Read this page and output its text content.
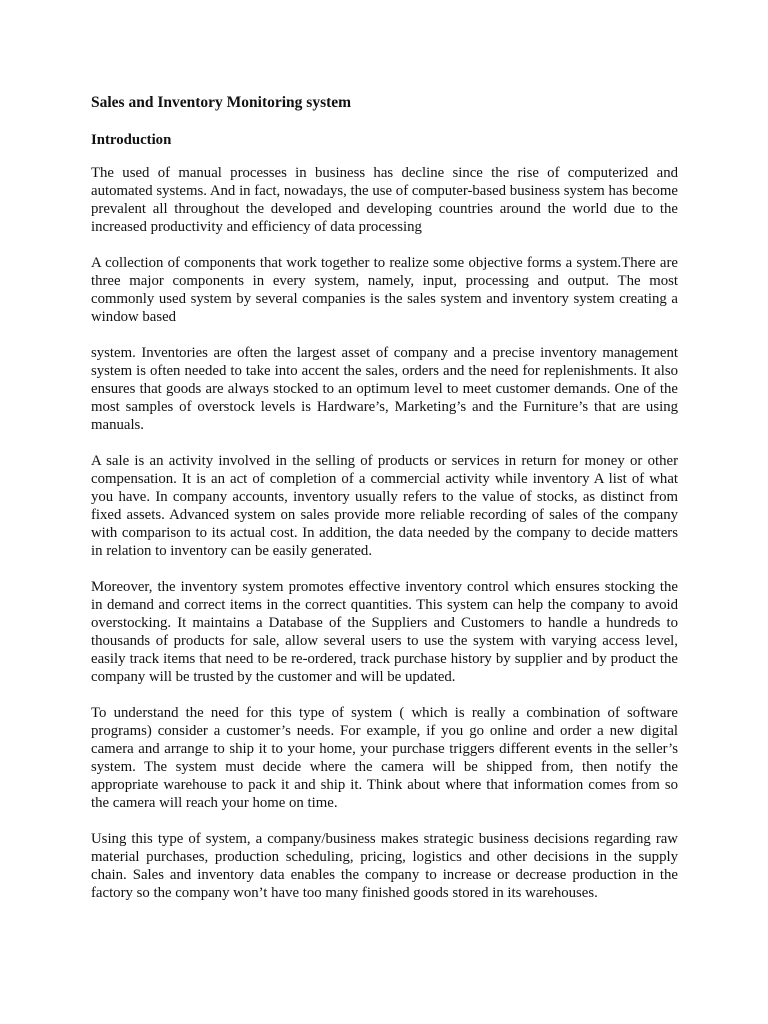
Sales and Inventory Monitoring system
Introduction

The used of manual processes in business has decline since the rise of computerized and automated systems. And in fact, nowadays, the use of computer-based business system has become prevalent all throughout the developed and developing countries around the world due to the increased productivity and efficiency of data processing

A collection of components that work together to realize some objective forms a system.There are three major components in every system, namely, input, processing and output. The most commonly used system by several companies is the sales system and inventory system creating a window based

system. Inventories are often the largest asset of company and a precise inventory management system is often needed to take into accent the sales, orders and the need for replenishments. It also ensures that goods are always stocked to an optimum level to meet customer demands. One of the most samples of overstock levels is Hardware’s, Marketing’s and the Furniture’s that are using manuals.

A sale is an activity involved in the selling of products or services in return for money or other compensation. It is an act of completion of a commercial activity while inventory A list of what you have. In company accounts, inventory usually refers to the value of stocks, as distinct from fixed assets. Advanced system on sales provide more reliable recording of sales of the company with comparison to its actual cost. In addition, the data needed by the company to decide matters in relation to inventory can be easily generated.

Moreover, the inventory system promotes effective inventory control which ensures stocking the in demand and correct items in the correct quantities. This system can help the company to avoid overstocking. It maintains a Database of the Suppliers and Customers to handle a hundreds to thousands of products for sale, allow several users to use the system with varying access level, easily track items that need to be re-ordered, track purchase history by supplier and by product the company will be trusted by the customer and will be updated.

To understand the need for this type of system ( which is really a combination of software programs) consider a customer’s needs. For example, if you go online and order a new digital camera and arrange to ship it to your home, your purchase triggers different events in the seller’s system. The system must decide where the camera will be shipped from, then notify the appropriate warehouse to pack it and ship it. Think about where that information comes from so the camera will reach your home on time.

Using this type of system, a company/business makes strategic business decisions regarding raw material purchases, production scheduling, pricing, logistics and other decisions in the supply chain. Sales and inventory data enables the company to increase or decrease production in the factory so the company won’t have too many finished goods stored in its warehouses.
